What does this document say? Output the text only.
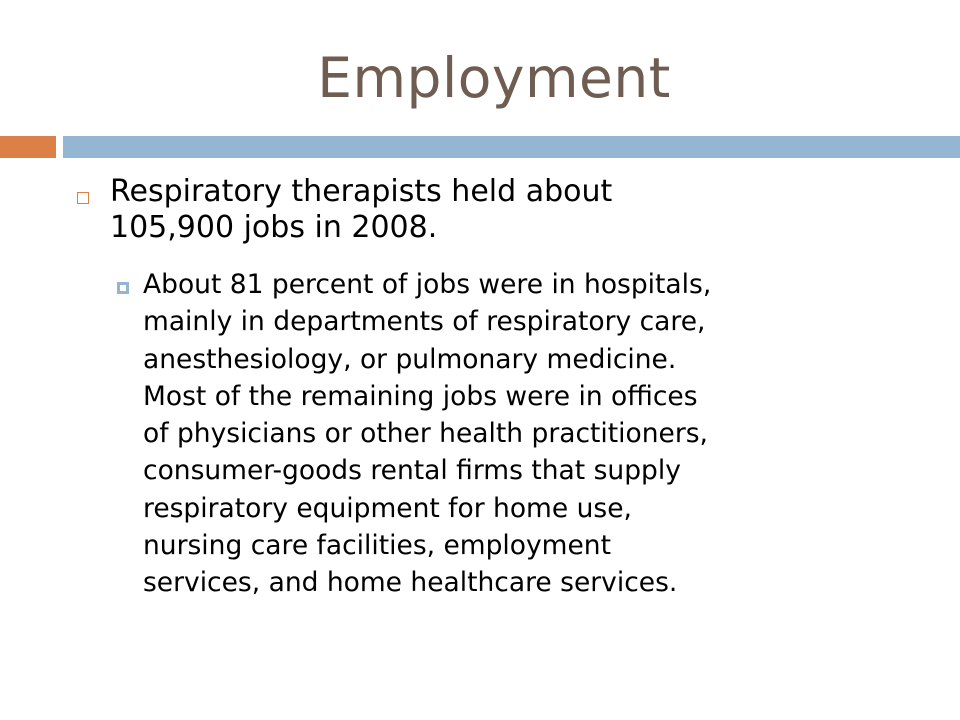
Employment
Respiratory therapists held about
105,900 jobs in 2008.
About 81 percent of jobs were in hospitals,
mainly in departments of respiratory care,
anesthesiology, or pulmonary medicine.
Most of the remaining jobs were in offices
of physicians or other health practitioners,
consumer-goods rental firms that supply
respiratory equipment for home use,
nursing care facilities, employment
services, and home healthcare services.
